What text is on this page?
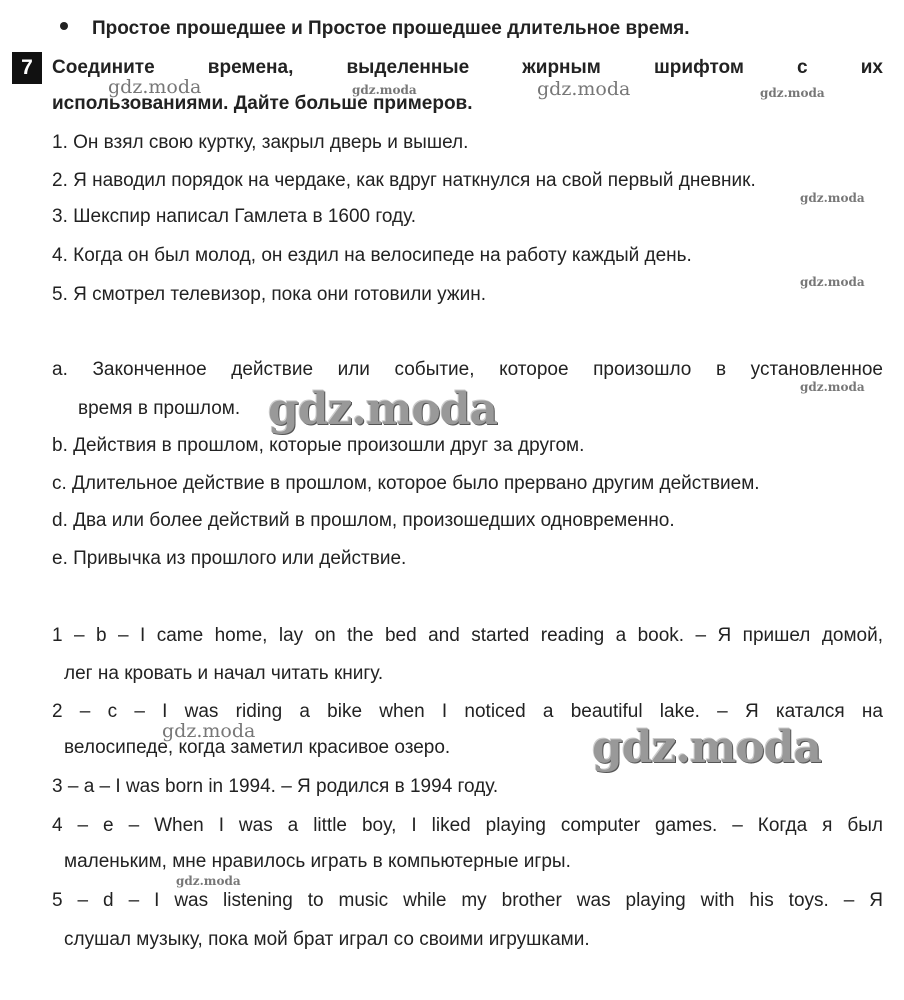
Простое прошедшее и Простое прошедшее длительное время.
7	Соедините времена, выделенные жирным шрифтом с их
использованиями. Дайте больше примеров.
1. Он взял свою куртку, закрыл дверь и вышел.
2. Я наводил порядок на чердаке, как вдруг наткнулся на свой первый дневник.
3. Шекспир написал Гамлета в 1600 году.
4. Когда он был молод, он ездил на велосипеде на работу каждый день.
5. Я смотрел телевизор, пока они готовили ужин.
a. Законченное действие или событие, которое произошло в установленное
время в прошлом.
b. Действия в прошлом, которые произошли друг за другом.
c. Длительное действие в прошлом, которое было прервано другим действием.
d. Два или более действий в прошлом, произошедших одновременно.
e. Привычка из прошлого или действие.
1 – b – I came home, lay on the bed and started reading a book. – Я пришел домой,
лег на кровать и начал читать книгу.
2 – c – I was riding a bike when I noticed a beautiful lake. – Я катался на
велосипеде, когда заметил красивое озеро.
3 – a – I was born in 1994. – Я родился в 1994 году.
4 – e – When I was a little boy, I liked playing computer games. – Когда я был
маленьким, мне нравилось играть в компьютерные игры.
5 – d – I was listening to music while my brother was playing with his toys. – Я
слушал музыку, пока мой брат играл со своими игрушками.
gdz.moda	gdz.moda	gdz.moda	gdz.moda
gdz.moda
gdz.moda
gdz.moda
gdz.moda
gdz.moda	gdz.moda
gdz.moda
